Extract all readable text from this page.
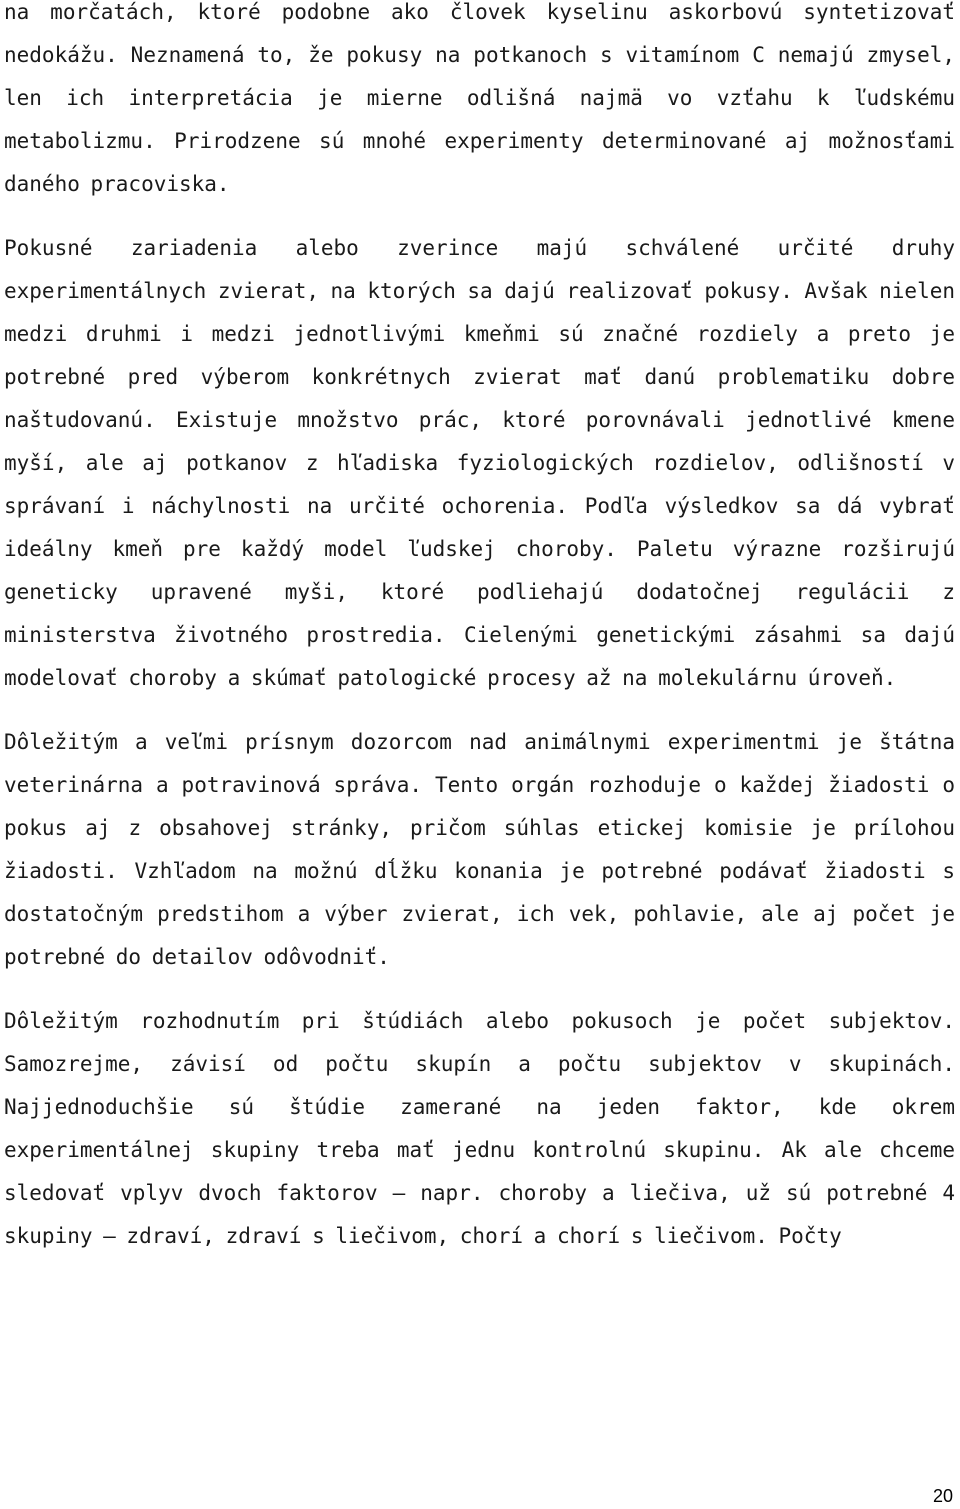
na morčatách, ktoré podobne ako človek kyselinu askorbovú syntetizovať nedokážu. Neznamená to, že pokusy na potkanoch s vitamínom C nemajú zmysel, len ich interpretácia je mierne odlišná najmä vo vzťahu k ľudskému metabolizmu. Prirodzene sú mnohé experimenty determinované aj možnosťami daného pracoviska.

Pokusné zariadenia alebo zverince majú schválené určité druhy experimentálnych zvierat, na ktorých sa dajú realizovať pokusy. Avšak nielen medzi druhmi i medzi jednotlivými kmeňmi sú značné rozdiely a preto je potrebné pred výberom konkrétnych zvierat mať danú problematiku dobre naštudovanú. Existuje množstvo prác, ktoré porovnávali jednotlivé kmene myší, ale aj potkanov z hľadiska fyziologických rozdielov, odlišností v správaní i náchylnosti na určité ochorenia. Podľa výsledkov sa dá vybrať ideálny kmeň pre každý model ľudskej choroby. Paletu výrazne rozširujú geneticky upravené myši, ktoré podliehajú dodatočnej regulácii z ministerstva životného prostredia. Cielenými genetickými zásahmi sa dajú modelovať choroby a skúmať patologické procesy až na molekulárnu úroveň.

Dôležitým a veľmi prísnym dozorcom nad animálnymi experimentmi je štátna veterinárna a potravinová správa. Tento orgán rozhoduje o každej žiadosti o pokus aj z obsahovej stránky, pričom súhlas etickej komisie je prílohou žiadosti. Vzhľadom na možnú dĺžku konania je potrebné podávať žiadosti s dostatočným predstihom a výber zvierat, ich vek, pohlavie, ale aj počet je potrebné do detailov odôvodniť.

Dôležitým rozhodnutím pri štúdiách alebo pokusoch je počet subjektov. Samozrejme, závisí od počtu skupín a počtu subjektov v skupinách. Najjednoduchšie sú štúdie zamerané na jeden faktor, kde okrem experimentálnej skupiny treba mať jednu kontrolnú skupinu. Ak ale chceme sledovať vplyv dvoch faktorov – napr. choroby a liečiva, už sú potrebné 4 skupiny – zdraví, zdraví s liečivom, chorí a chorí s liečivom. Počty

20
